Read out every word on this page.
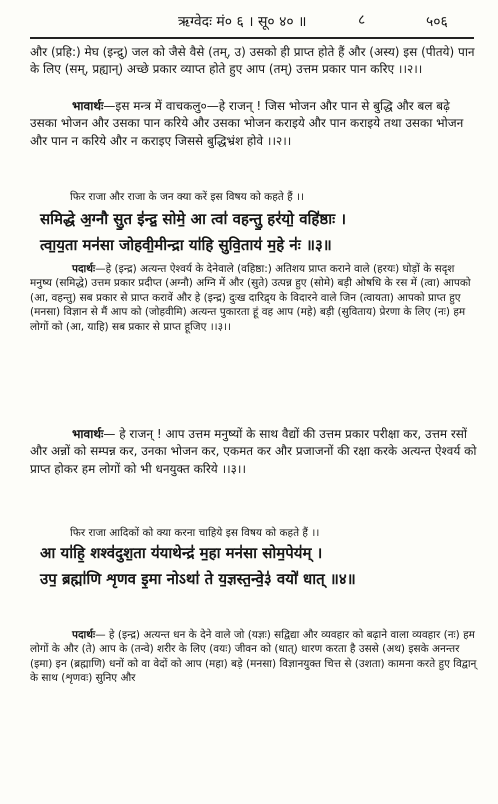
ऋग्वेदः मं० ६ । सू० ४० ॥	८	५०६

और (प्रहि:) मेघ (इन्द्रु) जल को जैसे वैसे (तम्, उ) उसको ही प्राप्त होते हैं और (अस्य) इस (पीतये) पान के लिए (सम्, प्रह्यान्) अच्छे प्रकार व्याप्त होते हुए आप (तम्) उत्तम प्रकार पान करिए ।।२।।

भावार्थः—इस मन्त्र में वाचकलु०—हे राजन् ! जिस भोजन और पान से बुद्धि और बल बढ़े उसका भोजन और उसका पान करिये और उसका भोजन कराइये और पान कराइये तथा उसका भोजन और पान न करिये और न कराइए जिससे बुद्धिभ्रंश होवे ।।२।।

फिर राजा और राजा के जन क्या करें इस विषय को कहते हैं ।।

समिद्धे अ॒ग्नौ सु॒त इ॑न्द्र॒ सोमे॒ आ त्वा॑ वहन्तु॒ हर॑यो॒ वहि॑ष्ठाः ।

त्वा॒य॒ता मन॑सा जोहवी॒मीन्द्रा या॑हि सुवि॒ताय॑ म॒हे नः॑ ॥३॥

पदार्थः—हे (इन्द्र) अत्यन्त ऐश्वर्य के देनेवाले (वहिष्ठा:) अतिशय प्राप्त कराने वाले (हरयः) घोड़ों के सदृश मनुष्य (समिद्धे) उत्तम प्रकार प्रदीप्त (अग्नौ) अग्नि में और (सुते) उत्पन्न हुए (सोमे) बड़ी ओषधि के रस में (त्वा) आपको (आ, वहन्तु) सब प्रकार से प्राप्त करावें और हे (इन्द्र) दुःख दारिद्र्य के विदारने वाले जिन (त्वायता) आपको प्राप्त हुए (मनसा) विज्ञान से मैं आप को (जोहवीमि) अत्यन्त पुकारता हूं वह आप (महे) बड़ी (सुविताय) प्रेरणा के लिए (नः) हम लोगों को (आ, याहि) सब प्रकार से प्राप्त हूजिए ।।३।।

भावार्थः— हे राजन् ! आप उत्तम मनुष्यों के साथ वैद्यों की उत्तम प्रकार परीक्षा कर, उत्तम रसों और अन्नों को सम्पन्न कर, उनका भोजन कर, एकमत कर और प्रजाजनों की रक्षा करके अत्यन्त ऐश्वर्य को प्राप्त होकर हम लोगों को भी धनयुक्त करिये ।।३।।

फिर राजा आदिकों को क्या करना चाहिये इस विषय को कहते हैं ।।

आ या॑हि॒ शश्व॑दुश॒ता य॑याथेन्द्र॑ म॒हा मन॑सा सोम॒पेय॑म् ।

उप॒ ब्रह्मा॑णि शृणव इ॒मा नोऽथा॑ ते य॒ज्ञस्त॒न्वे॒३॑ वयो॑ धात् ॥४॥

पदार्थः— हे (इन्द्र) अत्यन्त धन के देने वाले जो (यज्ञः) सद्विद्या और व्यवहार को बढ़ाने वाला व्यवहार (नः) हम लोगों के और (ते) आप के (तन्वे) शरीर के लिए (वयः) जीवन को (धात्) धारण करता है उससे (अथ) इसके अनन्तर (इमा) इन (ब्रह्माणि) धनों को वा वेदों को आप (महा) बड़े (मनसा) विज्ञानयुक्त चित्त से (उशता) कामना करते हुए विद्वान् के साथ (शृणवः) सुनिए और
